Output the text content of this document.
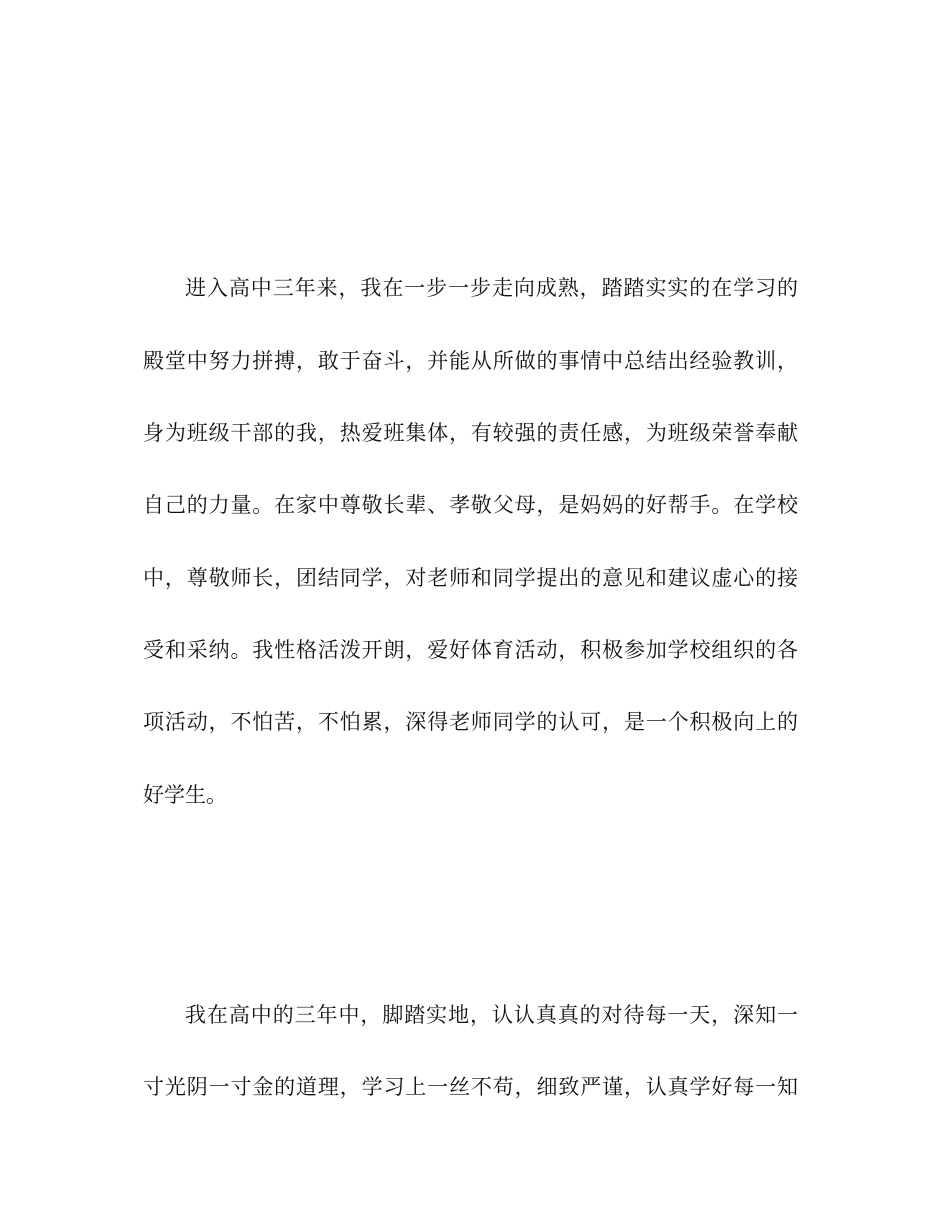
进入高中三年来，我在一步一步走向成熟，踏踏实实的在学习的
殿堂中努力拼搏，敢于奋斗，并能从所做的事情中总结出经验教训，
身为班级干部的我，热爱班集体，有较强的责任感，为班级荣誉奉献
自己的力量。在家中尊敬长辈、孝敬父母，是妈妈的好帮手。在学校
中，尊敬师长，团结同学，对老师和同学提出的意见和建议虚心的接
受和采纳。我性格活泼开朗，爱好体育活动，积极参加学校组织的各
项活动，不怕苦，不怕累，深得老师同学的认可，是一个积极向上的
好学生。
我在高中的三年中，脚踏实地，认认真真的对待每一天，深知一
寸光阴一寸金的道理，学习上一丝不苟，细致严谨，认真学好每一知
